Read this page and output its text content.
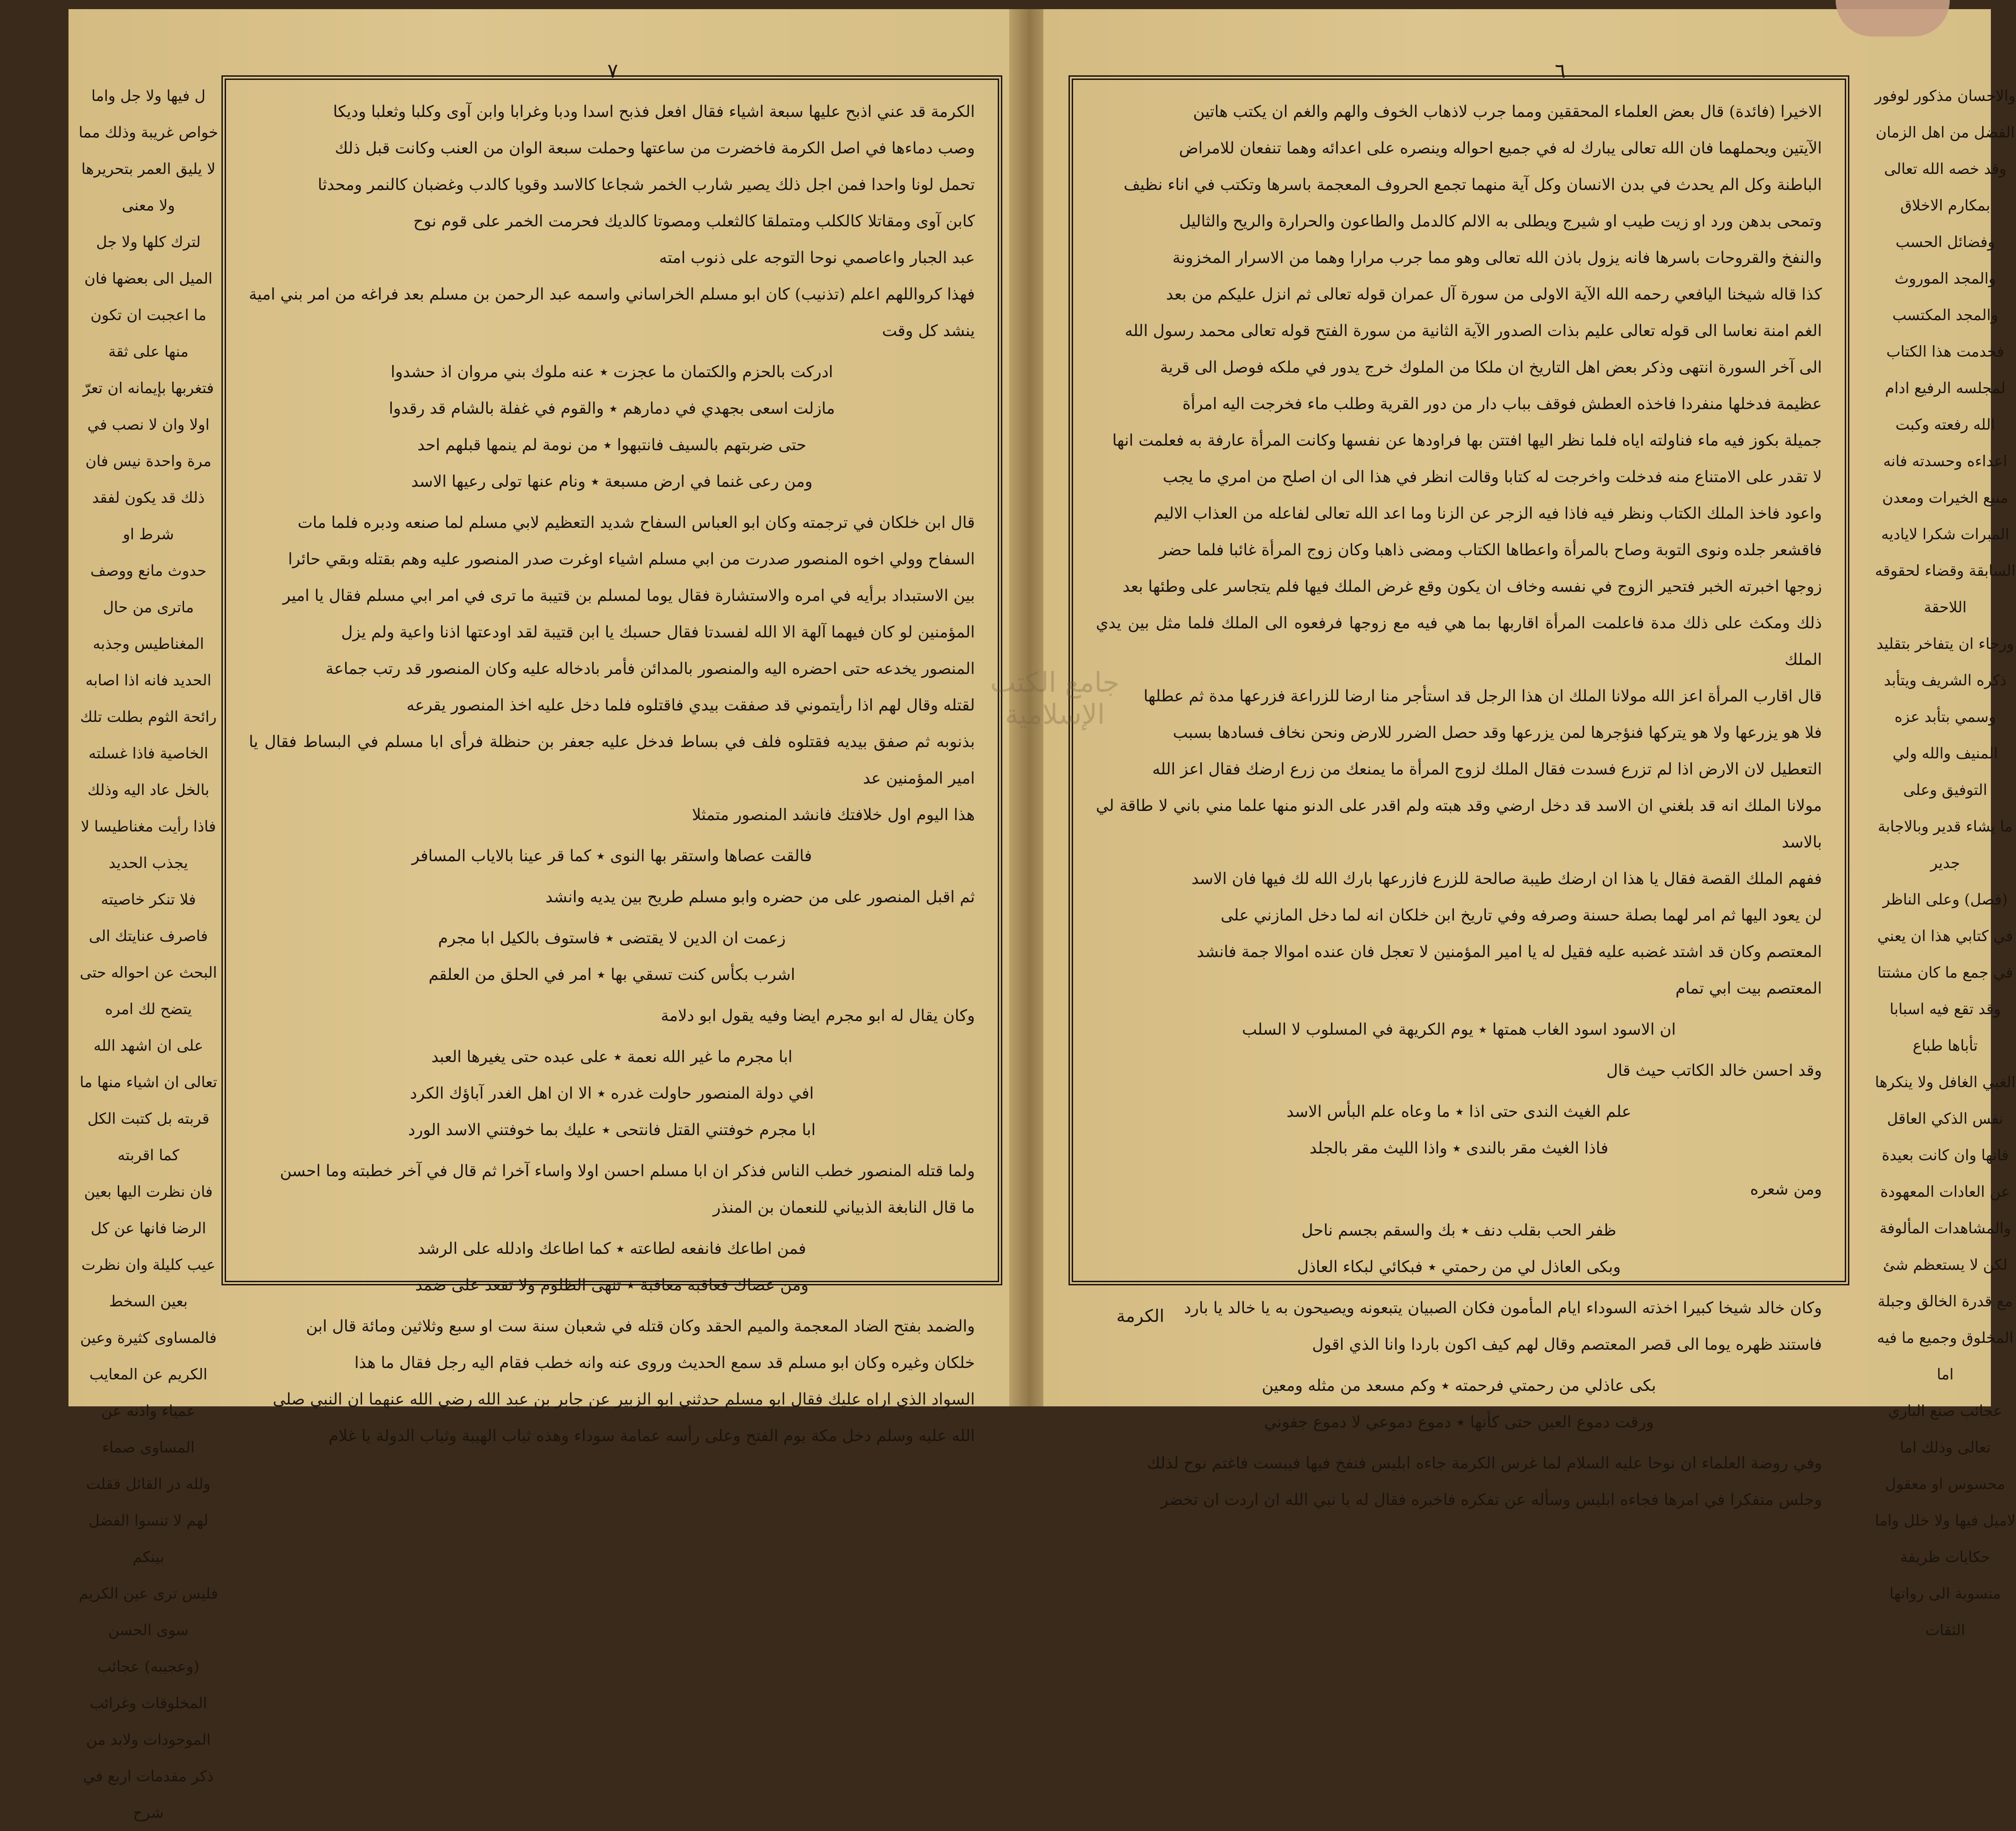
٧

ل فيها ولا جل واما خواص غريبة وذلك مما لا يليق العمر بتحريرها ولا معنى

لترك كلها ولا جل الميل الى بعضها فان ما اعجبت ان تكون منها على ثقة

فتغربها بإيمانه ان تعرّ اولا وان لا نصب في مرة واحدة نيس فان ذلك قد يكون لفقد شرط او

حدوث مانع ووصف ماترى من حال المغناطيس وجذبه الحديد فانه اذا اصابه رائحة الثوم بطلت تلك

الخاصية فاذا غسلته بالخل عاد اليه وذلك فاذا رأيت مغناطيسا لا يجذب الحديد

فلا تنكر خاصيته فاصرف عنايتك الى البحث عن احواله حتى يتضح لك امره

على ان اشهد الله تعالى ان اشياء منها ما قربته بل كتبت الكل كما اقربته

فان نظرت اليها بعين الرضا فانها عن كل عيب كليلة وان نظرت بعين السخط

فالمساوى كثيرة وعين الكريم عن المعايب عمياء واذنه عن المساوى صماء

ولله در القائل فقلت لهم لا تنسوا الفضل بينكم

فليس ترى عين الكريم سوى الحسن

(وعجيبه) عجائب المخلوقات وغرائب الموجودات ولابد من ذكر مقدمات اربع في شرح

الكرمة قد عني اذبح عليها سبعة اشياء فقال افعل فذبح اسدا ودبا وغرابا وابن آوى وكلبا وثعلبا وديكا

وصب دماءها في اصل الكرمة فاخضرت من ساعتها وحملت سبعة الوان من العنب وكانت قبل ذلك

تحمل لونا واحدا فمن اجل ذلك يصير شارب الخمر شجاعا كالاسد وقويا كالدب وغضبان كالنمر ومحدثا

كابن آوى ومقاتلا كالكلب ومتملقا كالثعلب ومصوتا كالديك فحرمت الخمر على قوم نوح

عبد الجبار واعاصمي نوحا التوجه على ذنوب امته

فهذا كرواللهم اعلم (تذنيب) كان ابو مسلم الخراساني واسمه عبد الرحمن بن مسلم بعد فراغه من امر بني امية ينشد كل وقت

ادركت بالحزم والكتمان ما عجزت ٭ عنه ملوك بني مروان اذ حشدوا
مازلت اسعى بجهدي في دمارهم ٭ والقوم في غفلة بالشام قد رقدوا
حتى ضربتهم بالسيف فانتبهوا ٭ من نومة لم ينمها قبلهم احد
ومن رعى غنما في ارض مسبعة ٭ ونام عنها تولى رعيها الاسد

قال ابن خلكان في ترجمته وكان ابو العباس السفاح شديد التعظيم لابي مسلم لما صنعه ودبره فلما مات

السفاح وولي اخوه المنصور صدرت من ابي مسلم اشياء اوغرت صدر المنصور عليه وهم بقتله وبقي حائرا

بين الاستبداد برأيه في امره والاستشارة فقال يوما لمسلم بن قتيبة ما ترى في امر ابي مسلم فقال يا امير

المؤمنين لو كان فيهما آلهة الا الله لفسدتا فقال حسبك يا ابن قتيبة لقد اودعتها اذنا واعية ولم يزل

المنصور يخدعه حتى احضره اليه والمنصور بالمدائن فأمر بادخاله عليه وكان المنصور قد رتب جماعة

لقتله وقال لهم اذا رأيتموني قد صفقت بيدي فاقتلوه فلما دخل عليه اخذ المنصور يقرعه

بذنوبه ثم صفق بيديه فقتلوه فلف في بساط فدخل عليه جعفر بن حنظلة فرأى ابا مسلم في البساط فقال يا امير المؤمنين عد

هذا اليوم اول خلافتك فانشد المنصور متمثلا

فالقت عصاها واستقر بها النوى ٭ كما قر عينا بالاياب المسافر

ثم اقبل المنصور على من حضره وابو مسلم طريح بين يديه وانشد

زعمت ان الدين لا يقتضى ٭ فاستوف بالكيل ابا مجرم
اشرب بكأس كنت تسقي بها ٭ امر في الحلق من العلقم

وكان يقال له ابو مجرم ايضا وفيه يقول ابو دلامة

ابا مجرم ما غير الله نعمة ٭ على عبده حتى يغيرها العبد
افي دولة المنصور حاولت غدره ٭ الا ان اهل الغدر آباؤك الكرد
ابا مجرم خوفتني القتل فانتحى ٭ عليك بما خوفتني الاسد الورد

ولما قتله المنصور خطب الناس فذكر ان ابا مسلم احسن اولا واساء آخرا ثم قال في آخر خطبته وما احسن

ما قال النابغة الذبياني للنعمان بن المنذر

فمن اطاعك فانفعه لطاعته ٭ كما اطاعك وادلله على الرشد
ومن عصاك فعاقبه معاقبة ٭ تنهى الظلوم ولا تقعد على ضمد

والضمد بفتح الضاد المعجمة والميم الحقد وكان قتله في شعبان سنة ست او سبع وثلاثين ومائة قال ابن

خلكان وغيره وكان ابو مسلم قد سمع الحديث وروى عنه وانه خطب فقام اليه رجل فقال ما هذا

السواد الذي اراه عليك فقال ابو مسلم حدثني ابو الزبير عن جابر بن عبد الله رضي الله عنهما ان النبي صلى

الله عليه وسلم دخل مكة يوم الفتح وعلى رأسه عمامة سوداء وهذه ثياب الهيبة وثياب الدولة يا غلام

٦

الاخيرا (فائدة) قال بعض العلماء المحققين ومما جرب لاذهاب الخوف والهم والغم ان يكتب هاتين

الآيتين ويحملهما فان الله تعالى يبارك له في جميع احواله وينصره على اعدائه وهما تنفعان للامراض

الباطنة وكل الم يحدث في بدن الانسان وكل آية منهما تجمع الحروف المعجمة باسرها وتكتب في اناء نظيف

وتمحى بدهن ورد او زيت طيب او شيرج ويطلى به الالم كالدمل والطاعون والحرارة والريح والثاليل

والنفخ والقروحات باسرها فانه يزول باذن الله تعالى وهو مما جرب مرارا وهما من الاسرار المخزونة

كذا قاله شيخنا اليافعي رحمه الله الآية الاولى من سورة آل عمران قوله تعالى ثم انزل عليكم من بعد

الغم امنة نعاسا الى قوله تعالى عليم بذات الصدور الآية الثانية من سورة الفتح قوله تعالى محمد رسول الله

الى آخر السورة انتهى وذكر بعض اهل التاريخ ان ملكا من الملوك خرج يدور في ملكه فوصل الى قرية

عظيمة فدخلها منفردا فاخذه العطش فوقف بباب دار من دور القرية وطلب ماء فخرجت اليه امرأة

جميلة بكوز فيه ماء فناولته اياه فلما نظر اليها افتتن بها فراودها عن نفسها وكانت المرأة عارفة به فعلمت انها

لا تقدر على الامتناع منه فدخلت واخرجت له كتابا وقالت انظر في هذا الى ان اصلح من امري ما يجب

واعود فاخذ الملك الكتاب ونظر فيه فاذا فيه الزجر عن الزنا وما اعد الله تعالى لفاعله من العذاب الاليم

فاقشعر جلده ونوى التوبة وصاح بالمرأة واعطاها الكتاب ومضى ذاهبا وكان زوج المرأة غائبا فلما حضر

زوجها اخبرته الخبر فتحير الزوج في نفسه وخاف ان يكون وقع غرض الملك فيها فلم يتجاسر على وطئها بعد

ذلك ومكث على ذلك مدة فاعلمت المرأة اقاربها بما هي فيه مع زوجها فرفعوه الى الملك فلما مثل بين يدي الملك

قال اقارب المرأة اعز الله مولانا الملك ان هذا الرجل قد استأجر منا ارضا للزراعة فزرعها مدة ثم عطلها

فلا هو يزرعها ولا هو يتركها فنؤجرها لمن يزرعها وقد حصل الضرر للارض ونحن نخاف فسادها بسبب

التعطيل لان الارض اذا لم تزرع فسدت فقال الملك لزوج المرأة ما يمنعك من زرع ارضك فقال اعز الله

مولانا الملك انه قد بلغني ان الاسد قد دخل ارضي وقد هبته ولم اقدر على الدنو منها علما مني باني لا طاقة لي بالاسد

ففهم الملك القصة فقال يا هذا ان ارضك طيبة صالحة للزرع فازرعها بارك الله لك فيها فان الاسد

لن يعود اليها ثم امر لهما بصلة حسنة وصرفه وفي تاريخ ابن خلكان انه لما دخل المازني على

المعتصم وكان قد اشتد غضبه عليه فقيل له يا امير المؤمنين لا تعجل فان عنده اموالا جمة فانشد

المعتصم بيت ابي تمام

ان الاسود اسود الغاب همتها ٭ يوم الكريهة في المسلوب لا السلب

وقد احسن خالد الكاتب حيث قال

علم الغيث الندى حتى اذا ٭ ما وعاه علم البأس الاسد
فاذا الغيث مقر بالندى ٭ واذا الليث مقر بالجلد

ومن شعره

ظفر الحب بقلب دنف ٭ بك والسقم بجسم ناحل
وبكى العاذل لي من رحمتي ٭ فبكائي لبكاء العاذل

وكان خالد شيخا كبيرا اخذته السوداء ايام المأمون فكان الصبيان يتبعونه ويصيحون به يا خالد يا بارد

فاستند ظهره يوما الى قصر المعتصم وقال لهم كيف اكون باردا وانا الذي اقول

بكى عاذلي من رحمتي فرحمته ٭ وكم مسعد من مثله ومعين
ورقت دموع العين حتى كأنها ٭ دموع دموعي لا دموع جفوني

وفي روضة العلماء ان نوحا عليه السلام لما غرس الكرمة جاءه ابليس فنفخ فيها فيبست فاغتم نوح لذلك

وجلس متفكرا في امرها فجاءه ابليس وسأله عن تفكره فاخبره فقال له يا نبي الله ان اردت ان تخضر

والاحسان مذكور لوفور الفضل من اهل الزمان وقد خصه الله تعالى بمكارم الاخلاق وفضائل الحسب

والمجد الموروث والمجد المكتسب فخدمت هذا الكتاب لمجلسه الرفيع ادام الله رفعته وكبت

اعداءه وحسدته فانه منبع الخيرات ومعدن المبرات شكرا لاياديه السابقة وقضاء لحقوقه اللاحقة

ورجاء ان يتفاخر بتقليد ذكره الشريف ويتأبد وسمي بتأبد عزه المنيف والله ولي التوفيق وعلى

ما يشاء قدير وبالاجابة جدير

(فصل) وعلى الناظر في كتابي هذا ان يعني في جمع ما كان مشتتا وقد تقع فيه اسبابا تأباها طباع

الغبي الغافل ولا ينكرها نفس الذكي العاقل فانها وان كانت بعيدة عن العادات المعهودة

والمشاهدات المألوفة لكن لا يستعظم شئ مع قدرة الخالق وجبلة المخلوق وجميع ما فيه اما

عجائب صنع الباري تعالى وذلك اما محسوس او معقول لاميل فيها ولا خلل واما حكايات ظريفة

منسوبة الى رواتها الثقات

الكرمة
جامع الكتب الإسلامية
